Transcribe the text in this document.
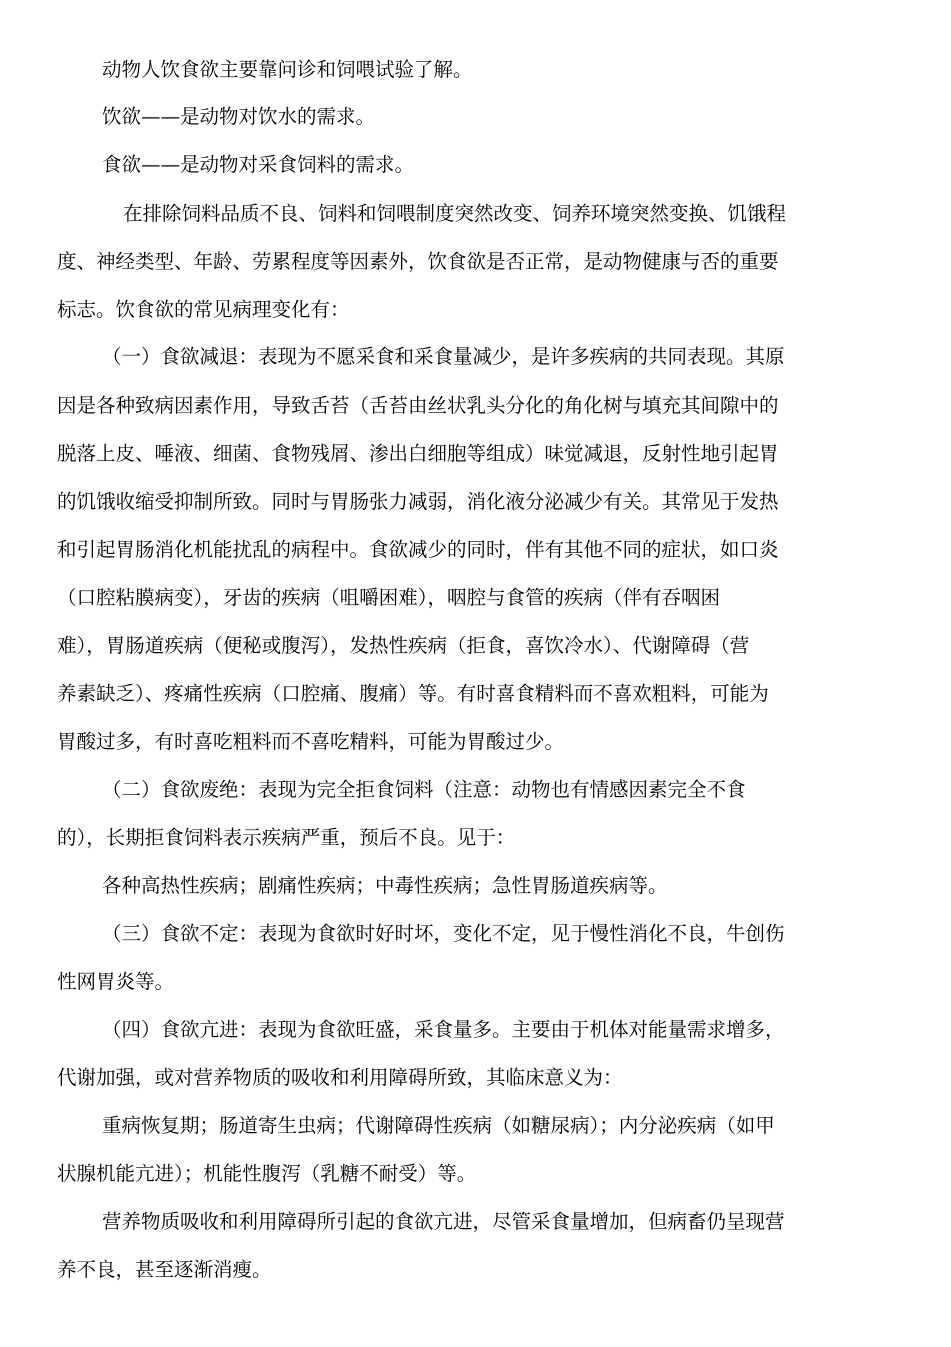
动物人饮食欲主要靠问诊和饲喂试验了解。
饮欲——是动物对饮水的需求。
食欲——是动物对采食饲料的需求。
在排除饲料品质不良、饲料和饲喂制度突然改变、饲养环境突然变换、饥饿程
度、神经类型、年龄、劳累程度等因素外，饮食欲是否正常，是动物健康与否的重要
标志。饮食欲的常见病理变化有：
（一）食欲减退：表现为不愿采食和采食量减少，是许多疾病的共同表现。其原
因是各种致病因素作用，导致舌苔（舌苔由丝状乳头分化的角化树与填充其间隙中的
脱落上皮、唾液、细菌、食物残屑、渗出白细胞等组成）味觉减退，反射性地引起胃
的饥饿收缩受抑制所致。同时与胃肠张力减弱，消化液分泌减少有关。其常见于发热
和引起胃肠消化机能扰乱的病程中。食欲减少的同时，伴有其他不同的症状，如口炎
（口腔粘膜病变），牙齿的疾病（咀嚼困难），咽腔与食管的疾病（伴有吞咽困
难），胃肠道疾病（便秘或腹泻），发热性疾病（拒食，喜饮冷水）、代谢障碍（营
养素缺乏）、疼痛性疾病（口腔痛、腹痛）等。有时喜食精料而不喜欢粗料，可能为
胃酸过多，有时喜吃粗料而不喜吃精料，可能为胃酸过少。
（二）食欲废绝：表现为完全拒食饲料（注意：动物也有情感因素完全不食
的），长期拒食饲料表示疾病严重，预后不良。见于：
各种高热性疾病；剧痛性疾病；中毒性疾病；急性胃肠道疾病等。
（三）食欲不定：表现为食欲时好时坏，变化不定，见于慢性消化不良，牛创伤
性网胃炎等。
（四）食欲亢进：表现为食欲旺盛，采食量多。主要由于机体对能量需求增多，
代谢加强，或对营养物质的吸收和利用障碍所致，其临床意义为：
重病恢复期；肠道寄生虫病；代谢障碍性疾病（如糖尿病）；内分泌疾病（如甲
状腺机能亢进）；机能性腹泻（乳糖不耐受）等。
营养物质吸收和利用障碍所引起的食欲亢进，尽管采食量增加，但病畜仍呈现营
养不良，甚至逐渐消瘦。
